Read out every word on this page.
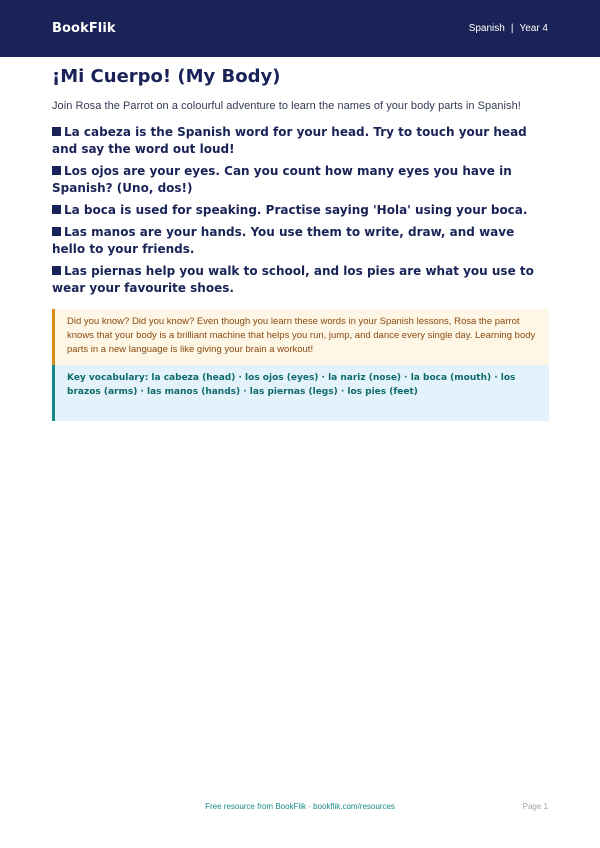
BookFlik	Spanish | Year 4
¡Mi Cuerpo! (My Body)

Join Rosa the Parrot on a colourful adventure to learn the names of your body parts in Spanish!

La cabeza is the Spanish word for your head. Try to touch your head and say the word out loud!
Los ojos are your eyes. Can you count how many eyes you have in Spanish? (Uno, dos!)
La boca is used for speaking. Practise saying 'Hola' using your boca.
Las manos are your hands. You use them to write, draw, and wave hello to your friends.
Las piernas help you walk to school, and los pies are what you use to wear your favourite shoes.
Did you know? Did you know? Even though you learn these words in your Spanish lessons, Rosa the parrot knows that your body is a brilliant machine that helps you run, jump, and dance every single day. Learning body parts in a new language is like giving your brain a workout!
Key vocabulary: la cabeza (head) · los ojos (eyes) · la nariz (nose) · la boca (mouth) · los brazos (arms) · las manos (hands) · las piernas (legs) · los pies (feet)
Free resource from BookFlik · bookflik.com/resources	Page 1
